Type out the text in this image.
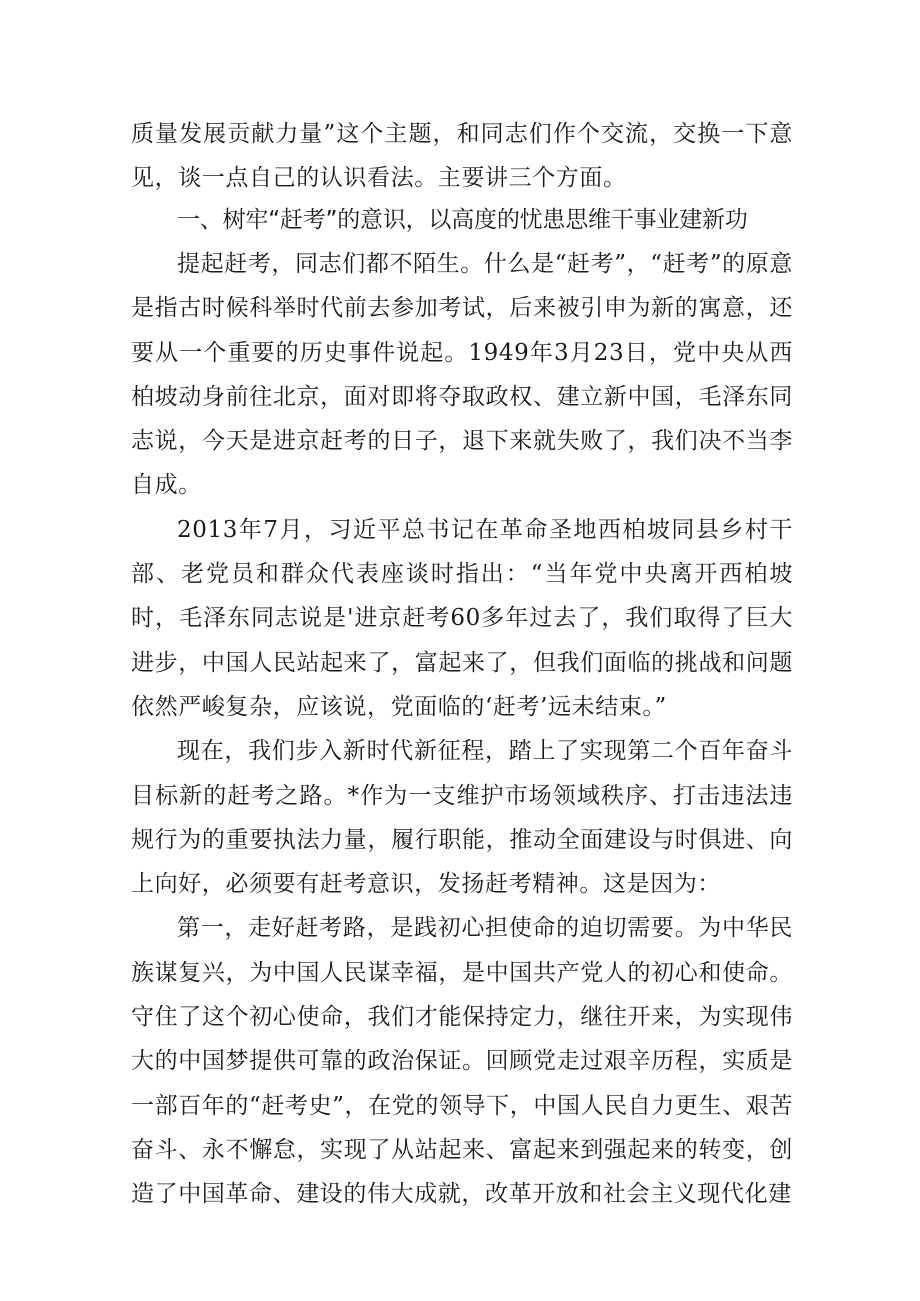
质量发展贡献力量”这个主题，和同志们作个交流，交换一下意见，谈一点自己的认识看法。主要讲三个方面。
一、树牢“赶考”的意识，以高度的忧患思维干事业建新功

提起赶考，同志们都不陌生。什么是“赶考”，“赶考”的原意是指古时候科举时代前去参加考试，后来被引申为新的寓意，还要从一个重要的历史事件说起。1949年3月23日，党中央从西柏坡动身前往北京，面对即将夺取政权、建立新中国，毛泽东同志说，今天是进京赶考的日子，退下来就失败了，我们决不当李自成。

2013年7月，习近平总书记在革命圣地西柏坡同县乡村干部、老党员和群众代表座谈时指出：“当年党中央离开西柏坡时，毛泽东同志说是'进京赶考60多年过去了，我们取得了巨大进步，中国人民站起来了，富起来了，但我们面临的挑战和问题依然严峻复杂，应该说，党面临的‘赶考’远未结束。”

现在，我们步入新时代新征程，踏上了实现第二个百年奋斗目标新的赶考之路。*作为一支维护市场领域秩序、打击违法违规行为的重要执法力量，履行职能，推动全面建设与时俱进、向上向好，必须要有赶考意识，发扬赶考精神。这是因为：

第一，走好赶考路，是践初心担使命的迫切需要。为中华民族谋复兴，为中国人民谋幸福，是中国共产党人的初心和使命。守住了这个初心使命，我们才能保持定力，继往开来，为实现伟大的中国梦提供可靠的政治保证。回顾党走过艰辛历程，实质是一部百年的“赶考史”，在党的领导下，中国人民自力更生、艰苦奋斗、永不懈怠，实现了从站起来、富起来到强起来的转变，创造了中国革命、建设的伟大成就，改革开放和社会主义现代化建
